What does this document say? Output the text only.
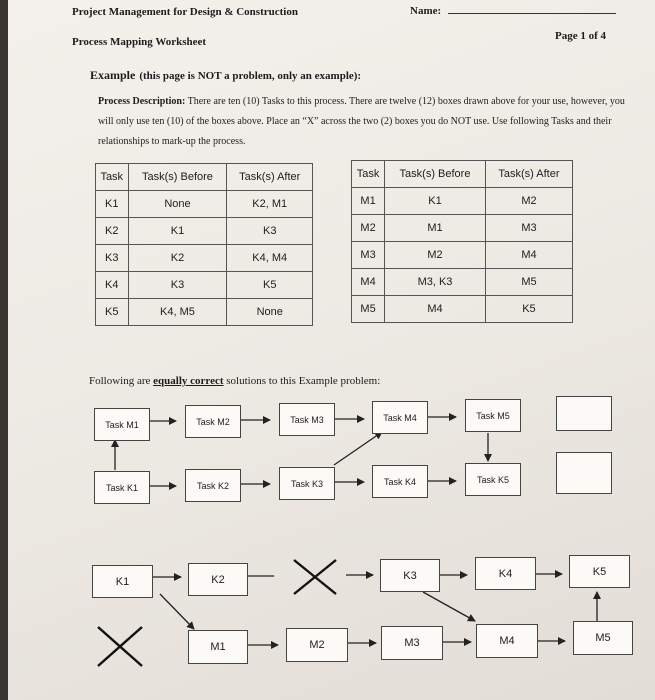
Project Management for Design & Construction	Name:
Process Mapping Worksheet	Page 1 of 4
Example (this page is NOT a problem, only an example):
Process Description: There are ten (10) Tasks to this process. There are twelve (12) boxes drawn above for your use, however, you will only use ten (10) of the boxes above. Place an “X” across the two (2) boxes you do NOT use. Use following Tasks and their relationships to mark-up the process.
Task	Task(s) Before	Task(s) After
K1	None	K2, M1
K2	K1	K3
K3	K2	K4, M4
K4	K3	K5
K5	K4, M5	None
Task	Task(s) Before	Task(s) After
M1	K1	M2
M2	M1	M3
M3	M2	M4
M4	M3, K3	M5
M5	M4	K5
Following are equally correct solutions to this Example problem:
Task M1	Task M2	Task M3	Task M4	Task M5
Task K1	Task K2	Task K3	Task K4	Task K5
K1	K2	K3	K4	K5
M1	M2	M3	M4	M5
